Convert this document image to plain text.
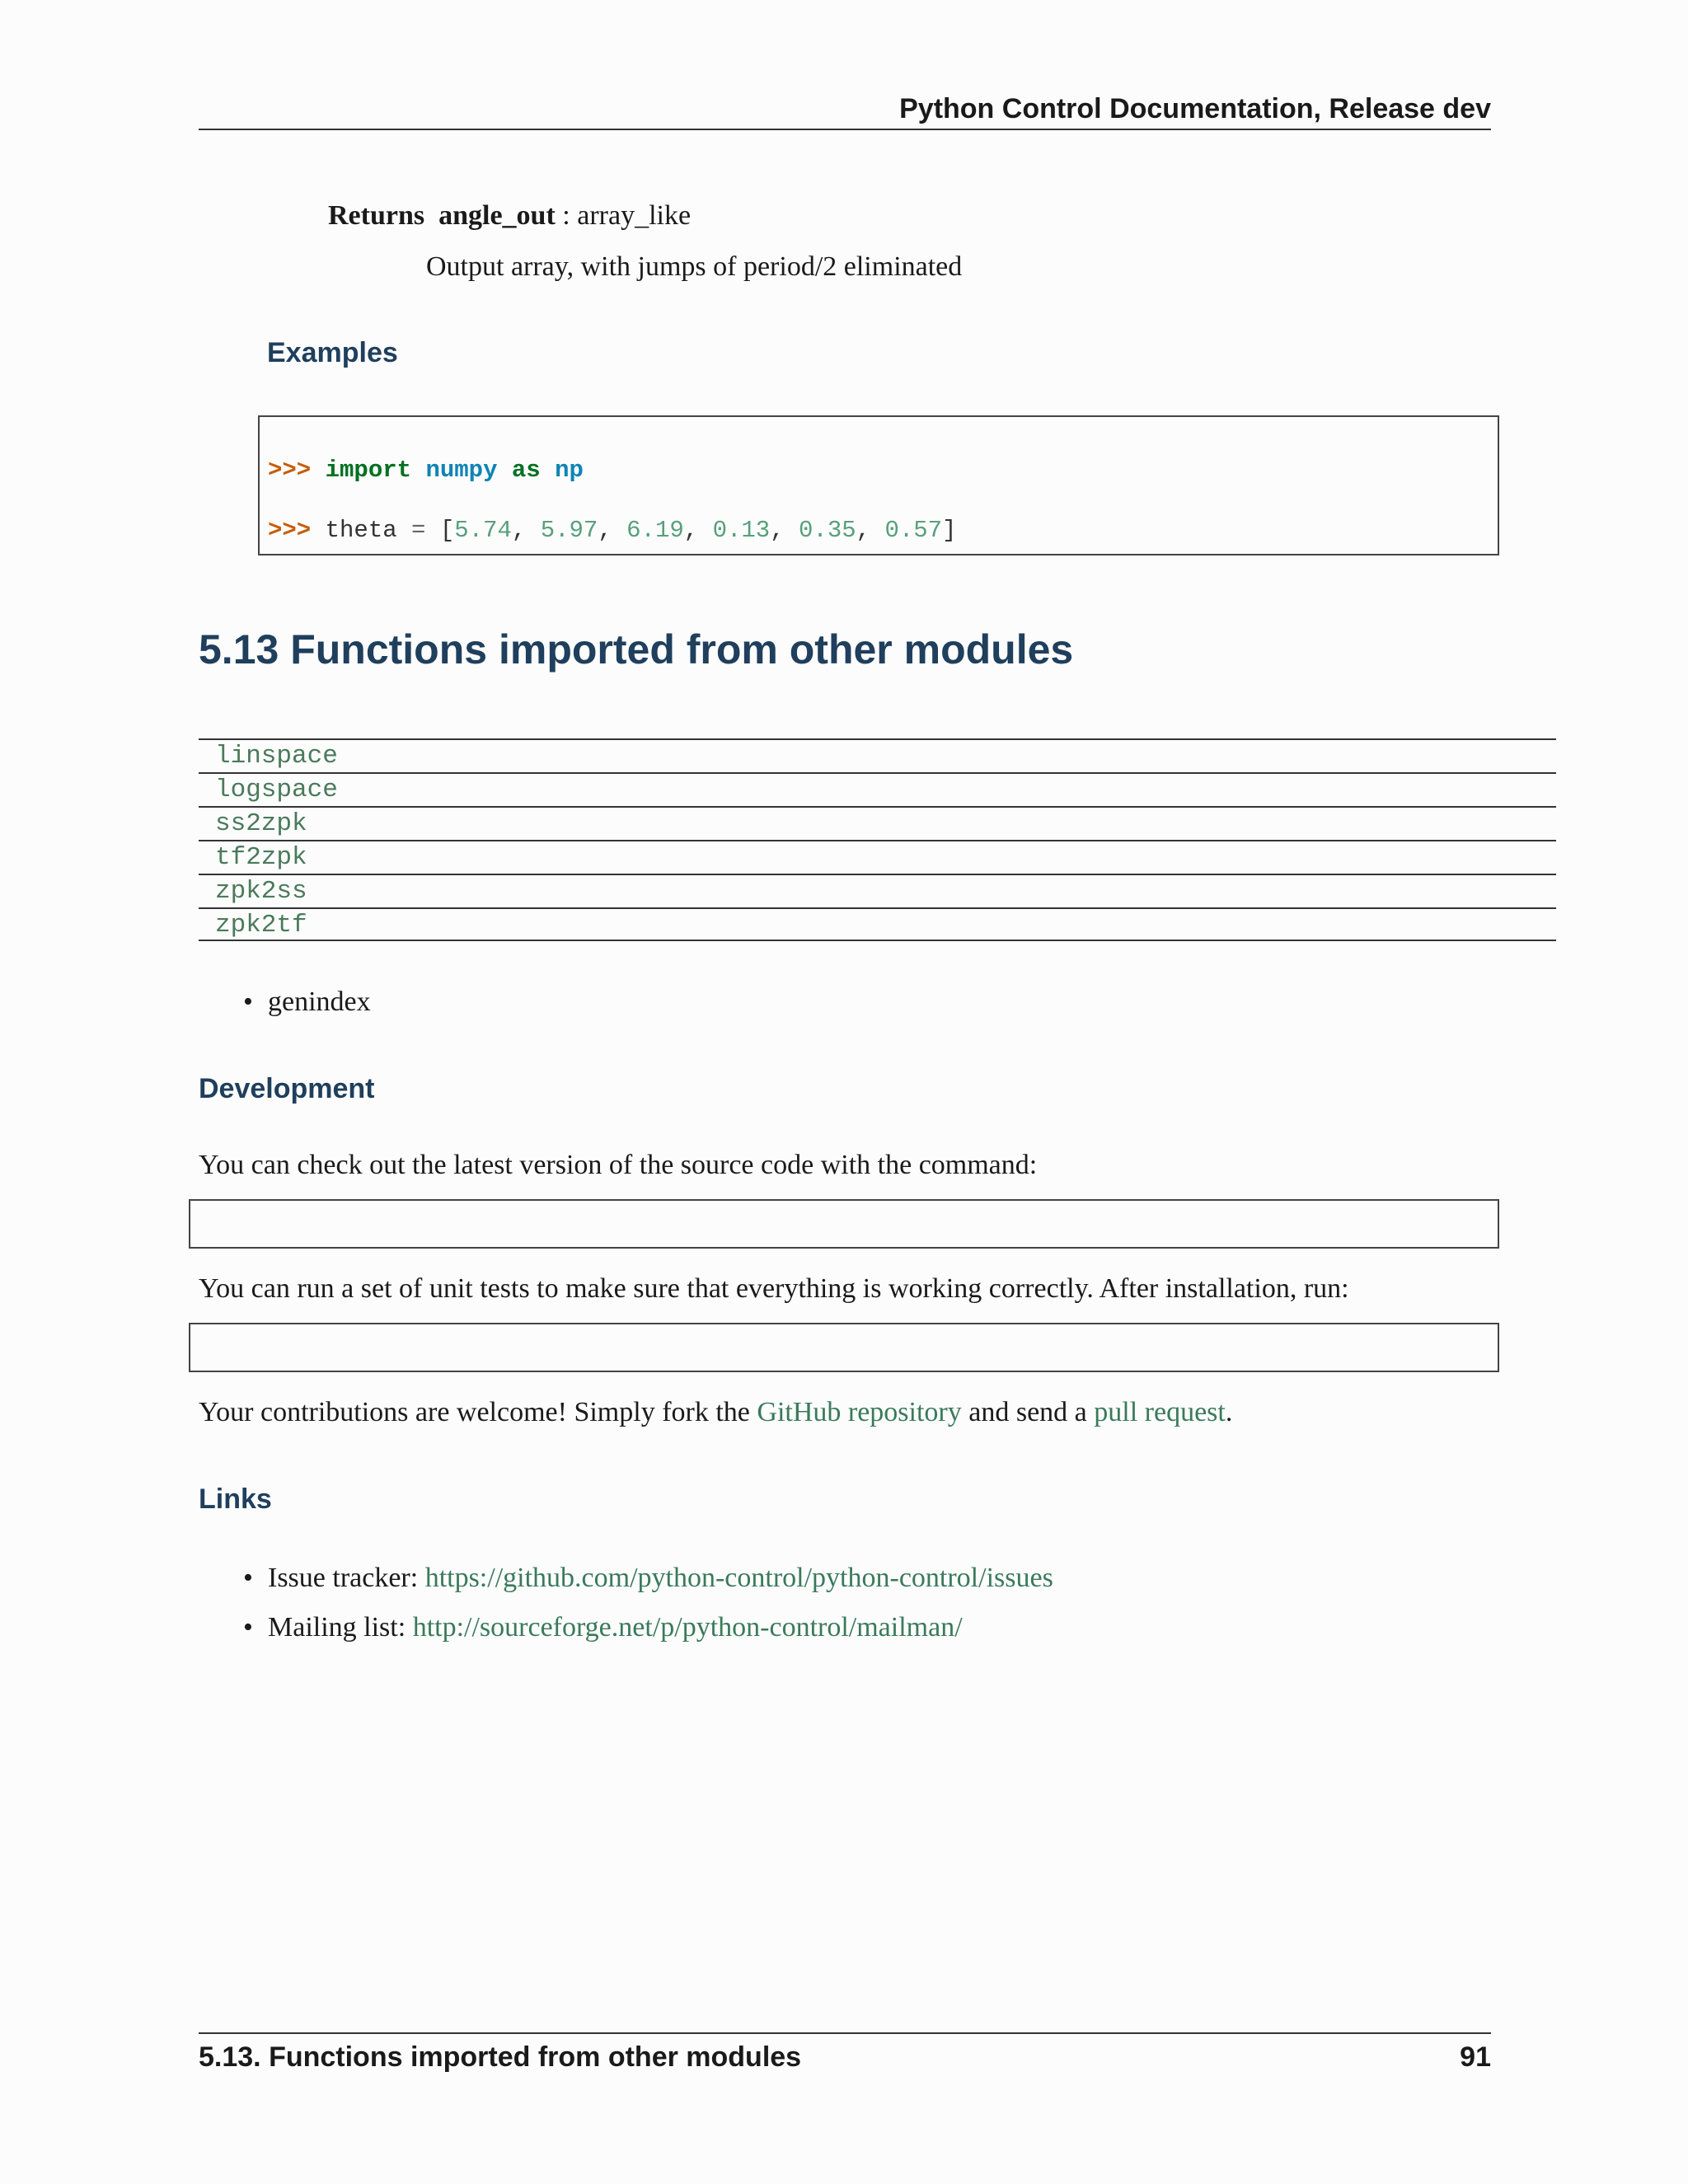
Python Control Documentation, Release dev
Returns angle_out : array_like
Output array, with jumps of period/2 eliminated
Examples

>>> import numpy as np

>>> theta = [5.74, 5.97, 6.19, 0.13, 0.35, 0.57]

5.13 Functions imported from other modules
linspace
logspace
ss2zpk
tf2zpk
zpk2ss
zpk2tf
• genindex
Development
You can check out the latest version of the source code with the command:

You can run a set of unit tests to make sure that everything is working correctly. After installation, run:

Your contributions are welcome! Simply fork the GitHub repository and send a pull request.
Links
• Issue tracker: https://github.com/python-control/python-control/issues
• Mailing list: http://sourceforge.net/p/python-control/mailman/
5.13. Functions imported from other modules	91
